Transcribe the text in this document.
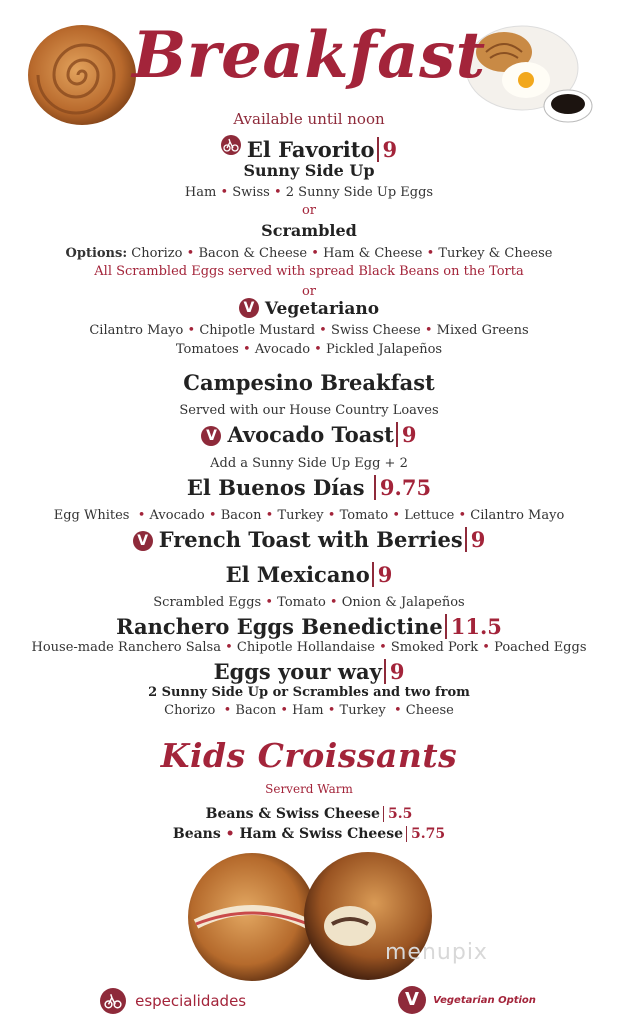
Breakfast
Available until noon
El Favorito 9
Sunny Side Up
Ham • Swiss • 2 Sunny Side Up Eggs
or
Scrambled
Options: Chorizo • Bacon & Cheese • Ham & Cheese • Turkey & Cheese
All Scrambled Eggs served with spread Black Beans on the Torta
or
V Vegetariano
Cilantro Mayo • Chipotle Mustard • Swiss Cheese • Mixed Greens
Tomatoes • Avocado • Pickled Jalapeños
Campesino Breakfast
Served with our House Country Loaves
V Avocado Toast 9
Add a Sunny Side Up Egg + 2
El Buenos Días 9.75
Egg Whites • Avocado • Bacon • Turkey • Tomato • Lettuce • Cilantro Mayo
V French Toast with Berries 9
El Mexicano 9
Scrambled Eggs • Tomato • Onion & Jalapeños
Ranchero Eggs Benedictine 11.5
House-made Ranchero Salsa • Chipotle Hollandaise • Smoked Pork • Poached Eggs
Eggs your way 9
2 Sunny Side Up or Scrambles and two from
Chorizo • Bacon • Ham • Turkey • Cheese
Kids Croissants
Serverd Warm
Beans & Swiss Cheese 5.5
Beans • Ham & Swiss Cheese 5.75
menupix
especialidades	V Vegetarian Option
